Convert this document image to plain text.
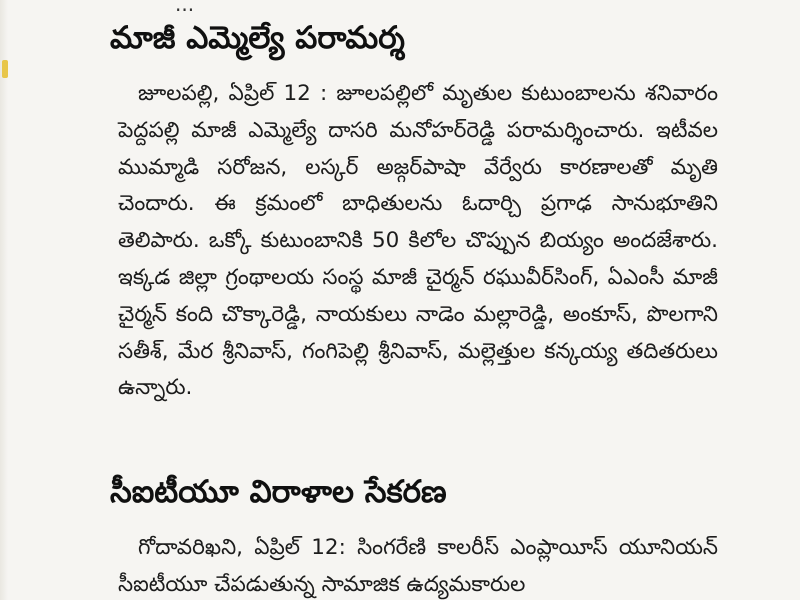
...
మాజీ ఎమ్మెల్యే పరామర్శ

జూలపల్లి, ఏప్రిల్ 12 : జూలపల్లిలో మృతుల కుటుంబాలను శనివారం పెద్దపల్లి మాజీ ఎమ్మెల్యే దాసరి మనోహర్‌రెడ్డి పరామర్శించారు. ఇటీవల ముమ్మాడి సరోజన, లస్కర్ అజ్గర్‌పాషా వేర్వేరు కారణాలతో మృతి చెందారు. ఈ క్రమంలో బాధితులను ఓదార్చి ప్రగాఢ సానుభూతిని తెలిపారు. ఒక్కో కుటుంబానికి 50 కిలోల చొప్పున బియ్యం అందజేశారు. ఇక్కడ జిల్లా గ్రంథాలయ సంస్థ మాజీ చైర్మన్ రఘువీర్‌సింగ్, ఏఎంసీ మాజీ చైర్మన్ కంది చొక్కారెడ్డి, నాయకులు నాడెం మల్లారెడ్డి, అంకూస్, పొలగాని సతీశ్, మేర శ్రీనివాస్, గంగిపెల్లి శ్రీనివాస్, మల్లెత్తుల కన్కయ్య తదితరులు ఉన్నారు.

సీఐటీయూ విరాళాల సేకరణ

గోదావరిఖని, ఏప్రిల్ 12: సింగరేణి కాలరీస్ ఎంప్లాయీస్ యూనియన్ సీఐటీయూ చేపడుతున్న సామాజిక ఉద్యమకారుల
